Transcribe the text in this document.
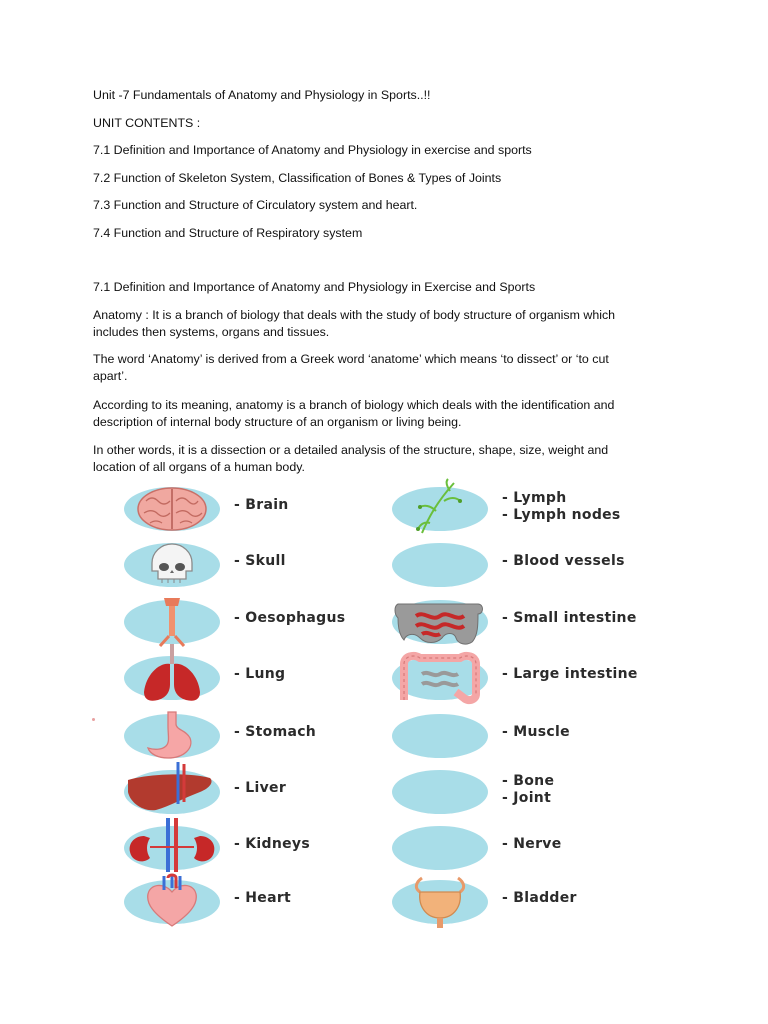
Unit -7 Fundamentals of Anatomy and Physiology in Sports..!!
UNIT CONTENTS :
7.1 Definition and Importance of Anatomy and Physiology in exercise and sports
7.2 Function of Skeleton System, Classification of Bones & Types of Joints
7.3 Function and Structure of Circulatory system and heart.
7.4 Function and Structure of Respiratory system
7.1 Definition and Importance of Anatomy and Physiology in Exercise and Sports
Anatomy : It is a branch of biology that deals with the study of body structure of organism which
includes then systems, organs and tissues.
The word ‘Anatomy’ is derived from a Greek word ‘anatome’ which means ‘to dissect’ or ‘to cut
apart’.
According to its meaning, anatomy is a branch of biology which deals with the identification and
description of internal body structure of an organism or living being.
In other words, it is a dissection or a detailed analysis of the structure, shape, size, weight and
location of all organs of a human body.
- Brain
- Skull
- Oesophagus
- Lung
- Stomach
- Liver
- Kidneys
- Heart
- Lymph
- Lymph nodes
- Blood vessels
- Small intestine
- Large intestine
- Muscle
- Bone
- Joint
- Nerve
- Bladder
